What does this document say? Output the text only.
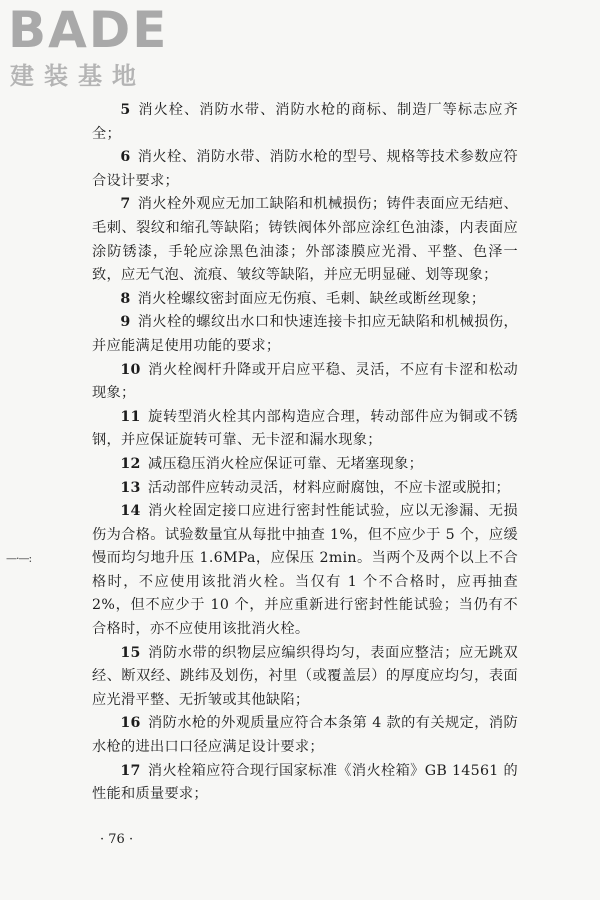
BADE
建装基地
—·—:

5 消火栓、消防水带、消防水枪的商标、制造厂等标志应齐全；

6 消火栓、消防水带、消防水枪的型号、规格等技术参数应符合设计要求；

7 消火栓外观应无加工缺陷和机械损伤；铸件表面应无结疤、毛刺、裂纹和缩孔等缺陷；铸铁阀体外部应涂红色油漆，内表面应涂防锈漆，手轮应涂黑色油漆；外部漆膜应光滑、平整、色泽一致，应无气泡、流痕、皱纹等缺陷，并应无明显碰、划等现象；

8 消火栓螺纹密封面应无伤痕、毛刺、缺丝或断丝现象；

9 消火栓的螺纹出水口和快速连接卡扣应无缺陷和机械损伤，并应能满足使用功能的要求；

10 消火栓阀杆升降或开启应平稳、灵活，不应有卡涩和松动现象；

11 旋转型消火栓其内部构造应合理，转动部件应为铜或不锈钢，并应保证旋转可靠、无卡涩和漏水现象；

12 减压稳压消火栓应保证可靠、无堵塞现象；

13 活动部件应转动灵活，材料应耐腐蚀，不应卡涩或脱扣；

14 消火栓固定接口应进行密封性能试验，应以无渗漏、无损伤为合格。试验数量宜从每批中抽查 1%，但不应少于 5 个，应缓慢而均匀地升压 1.6MPa，应保压 2min。当两个及两个以上不合格时，不应使用该批消火栓。当仅有 1 个不合格时，应再抽查 2%，但不应少于 10 个，并应重新进行密封性能试验；当仍有不合格时，亦不应使用该批消火栓。

15 消防水带的织物层应编织得均匀，表面应整洁；应无跳双经、断双经、跳纬及划伤，衬里（或覆盖层）的厚度应均匀，表面应光滑平整、无折皱或其他缺陷；

16 消防水枪的外观质量应符合本条第 4 款的有关规定，消防水枪的进出口口径应满足设计要求；

17 消火栓箱应符合现行国家标准《消火栓箱》GB 14561 的性能和质量要求；

· 76 ·
